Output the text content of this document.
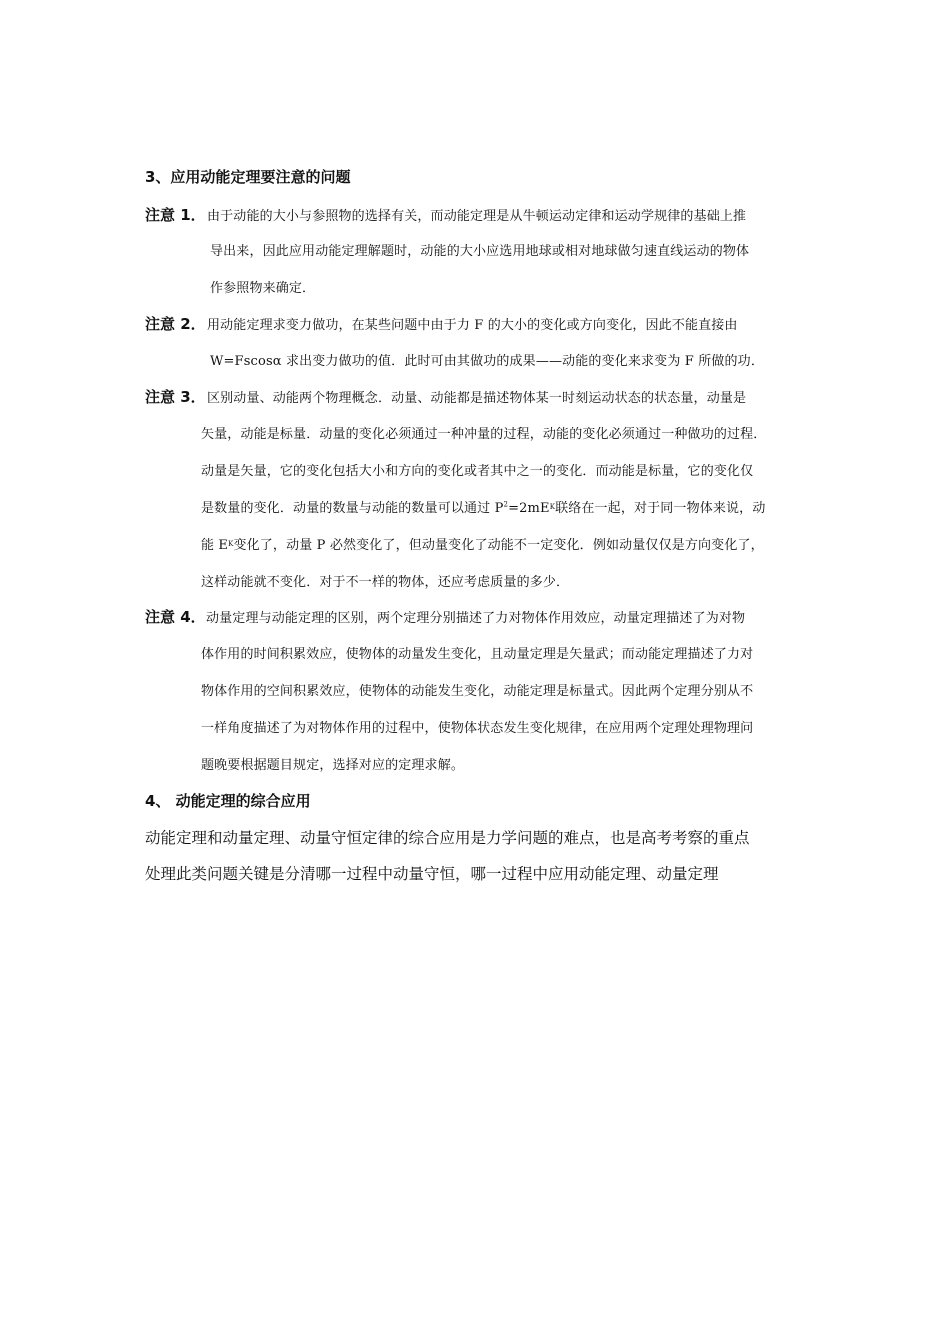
3、应用动能定理要注意的问题
注意 1． 由于动能的大小与参照物的选择有关，而动能定理是从牛顿运动定律和运动学规律的基础上推
导出来，因此应用动能定理解题时，动能的大小应选用地球或相对地球做匀速直线运动的物体
作参照物来确定．
注意 2． 用动能定理求变力做功，在某些问题中由于力 F 的大小的变化或方向变化，因此不能直接由
W=Fscosα 求出变力做功的值．此时可由其做功的成果——动能的变化来求变为 F 所做的功．
注意 3． 区别动量、动能两个物理概念．动量、动能都是描述物体某一时刻运动状态的状态量，动量是
矢量，动能是标量．动量的变化必须通过一种冲量的过程，动能的变化必须通过一种做功的过程．
动量是矢量，它的变化包括大小和方向的变化或者其中之一的变化．而动能是标量，它的变化仅
是数量的变化．动量的数量与动能的数量可以通过 $P^2=2mE_K$联络在一起，对于同一物体来说，动
能 $E_K$变化了，动量 P 必然变化了，但动量变化了动能不一定变化．例如动量仅仅是方向变化了，
这样动能就不变化．对于不一样的物体，还应考虑质量的多少．
注意 4． 动量定理与动能定理的区别，两个定理分别描述了力对物体作用效应，动量定理描述了为对物
体作用的时间积累效应，使物体的动量发生变化，且动量定理是矢量武；而动能定理描述了力对
物体作用的空间积累效应，使物体的动能发生变化，动能定理是标量式。因此两个定理分别从不
一样角度描述了为对物体作用的过程中，使物体状态发生变化规律，在应用两个定理处理物理问
题晚要根据题目规定，选择对应的定理求解。
4、 动能定理的综合应用
动能定理和动量定理、动量守恒定律的综合应用是力学问题的难点，也是高考考察的重点
处理此类问题关键是分清哪一过程中动量守恒，哪一过程中应用动能定理、动量定理
